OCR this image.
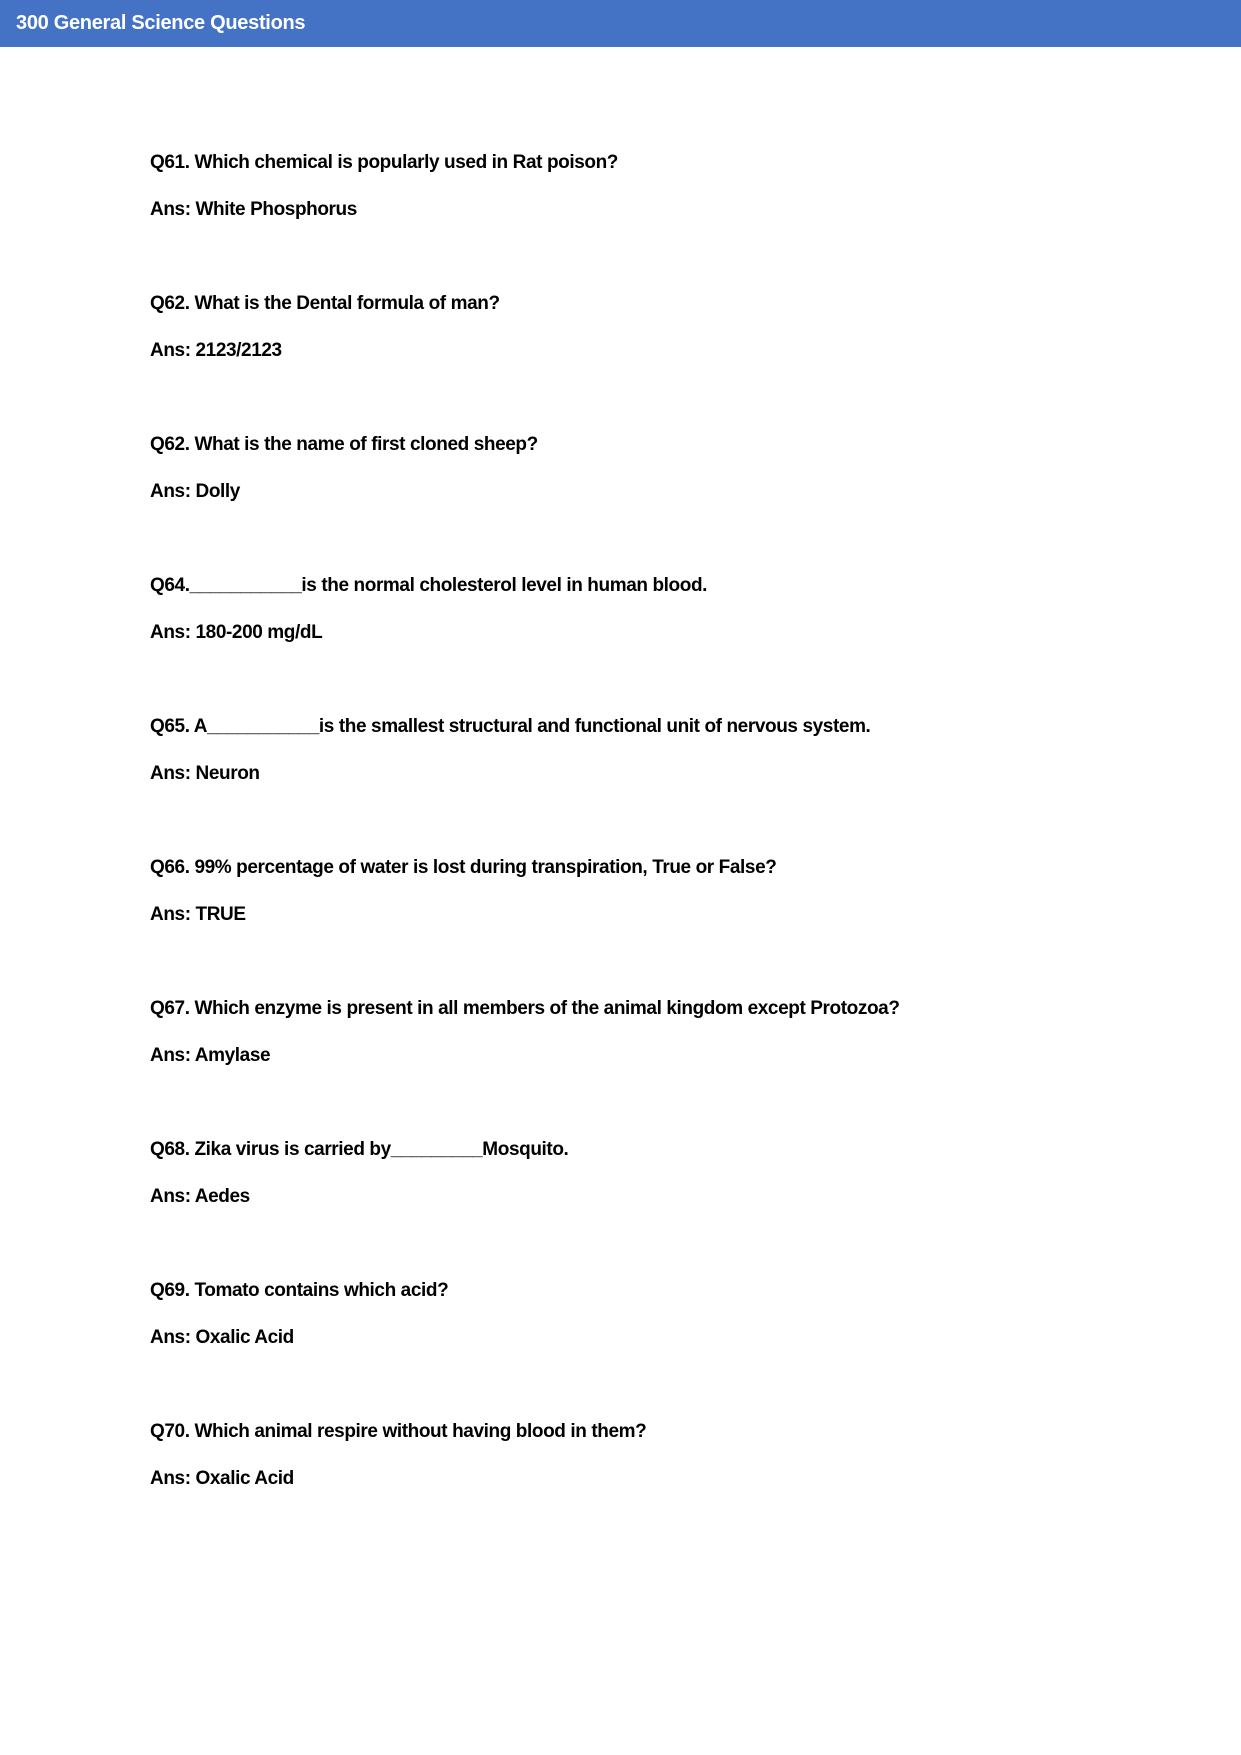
300 General Science Questions
Q61. Which chemical is popularly used in Rat poison?
Ans: White Phosphorus
Q62. What is the Dental formula of man?
Ans: 2123/2123
Q62. What is the name of first cloned sheep?
Ans: Dolly
Q64.___________is the normal cholesterol level in human blood.
Ans: 180-200 mg/dL
Q65. A___________is the smallest structural and functional unit of nervous system.
Ans: Neuron
Q66. 99% percentage of water is lost during transpiration, True or False?
Ans: TRUE
Q67. Which enzyme is present in all members of the animal kingdom except Protozoa?
Ans: Amylase
Q68. Zika virus is carried by_________Mosquito.
Ans: Aedes
Q69. Tomato contains which acid?
Ans: Oxalic Acid
Q70. Which animal respire without having blood in them?
Ans: Oxalic Acid
